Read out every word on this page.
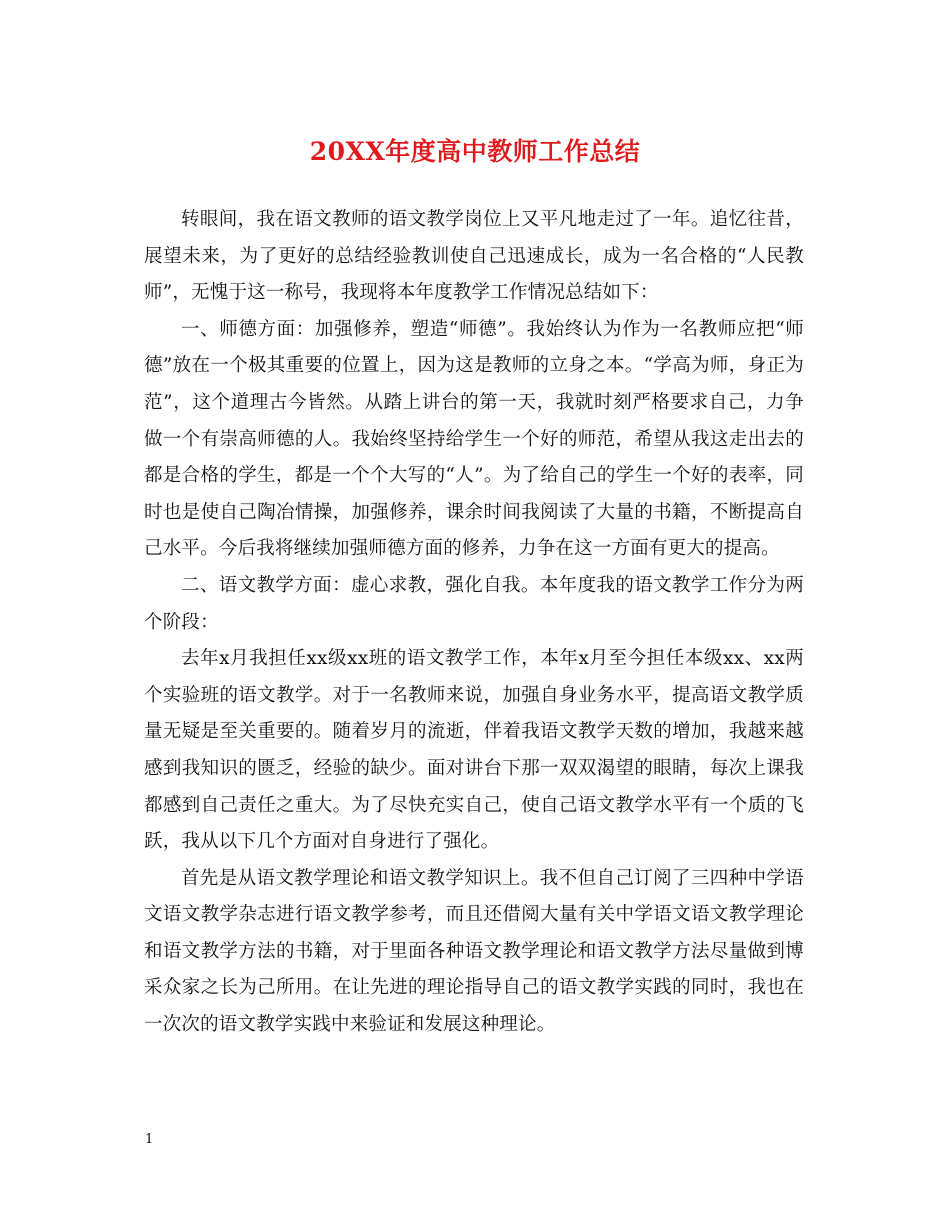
20XX年度高中教师工作总结

转眼间，我在语文教师的语文教学岗位上又平凡地走过了一年。追忆往昔，展望未来，为了更好的总结经验教训使自己迅速成长，成为一名合格的“人民教师”，无愧于这一称号，我现将本年度教学工作情况总结如下：

一、师德方面：加强修养，塑造“师德”。我始终认为作为一名教师应把“师德”放在一个极其重要的位置上，因为这是教师的立身之本。“学高为师，身正为范”，这个道理古今皆然。从踏上讲台的第一天，我就时刻严格要求自己，力争做一个有崇高师德的人。我始终坚持给学生一个好的师范，希望从我这走出去的都是合格的学生，都是一个个大写的“人”。为了给自己的学生一个好的表率，同时也是使自己陶冶情操，加强修养，课余时间我阅读了大量的书籍，不断提高自己水平。今后我将继续加强师德方面的修养，力争在这一方面有更大的提高。

二、语文教学方面：虚心求教，强化自我。本年度我的语文教学工作分为两个阶段：

去年x月我担任xx级xx班的语文教学工作，本年x月至今担任本级xx、xx两个实验班的语文教学。对于一名教师来说，加强自身业务水平，提高语文教学质量无疑是至关重要的。随着岁月的流逝，伴着我语文教学天数的增加，我越来越感到我知识的匮乏，经验的缺少。面对讲台下那一双双渴望的眼睛，每次上课我都感到自己责任之重大。为了尽快充实自己，使自己语文教学水平有一个质的飞跃，我从以下几个方面对自身进行了强化。

首先是从语文教学理论和语文教学知识上。我不但自己订阅了三四种中学语文语文教学杂志进行语文教学参考，而且还借阅大量有关中学语文语文教学理论和语文教学方法的书籍，对于里面各种语文教学理论和语文教学方法尽量做到博采众家之长为己所用。在让先进的理论指导自己的语文教学实践的同时，我也在一次次的语文教学实践中来验证和发展这种理论。

1
